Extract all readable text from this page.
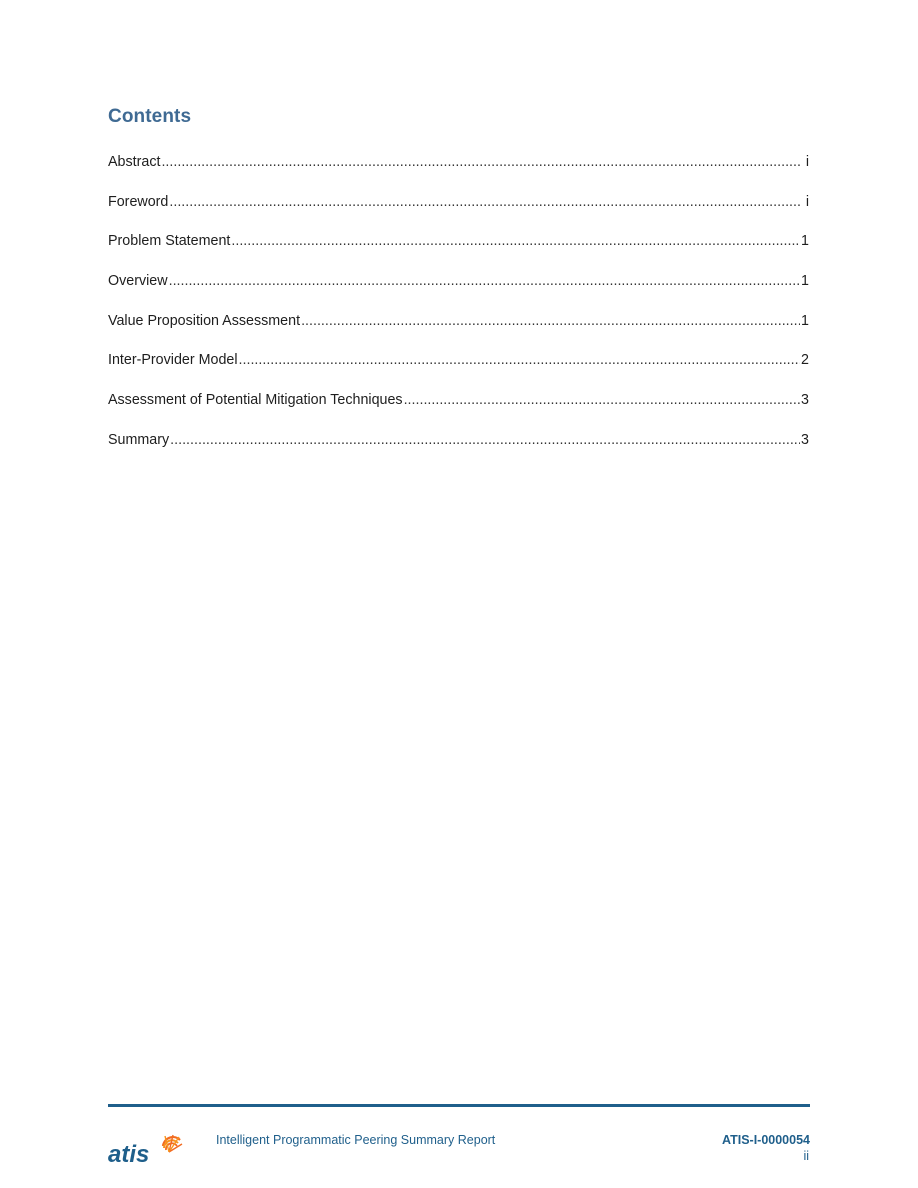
Contents
Abstract .....	i
Foreword .....	i
Problem Statement .....	1
Overview .....	1
Value Proposition Assessment .....	1
Inter-Provider Model .....	2
Assessment of Potential Mitigation Techniques .....	3
Summary .....	3
atis
Intelligent Programmatic Peering Summary Report	ATIS-I-0000054
ii
